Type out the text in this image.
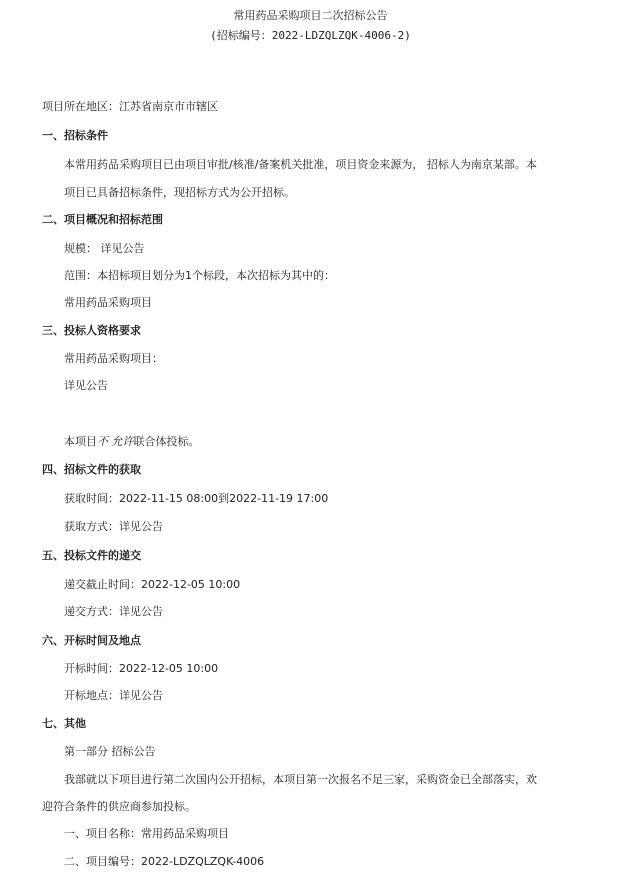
常用药品采购项目二次招标公告
(招标编号：2022-LDZQLZQK-4006-2)
项目所在地区：江苏省南京市市辖区
一、招标条件
本常用药品采购项目已由项目审批/核准/备案机关批准，项目资金来源为， 招标人为南京某部。本
项目已具备招标条件，现招标方式为公开招标。
二、项目概况和招标范围
规模： 详见公告
范围：本招标项目划分为1个标段，本次招标为其中的：
常用药品采购项目
三、投标人资格要求
常用药品采购项目：
详见公告
本项目不 允许联合体投标。
四、招标文件的获取
获取时间：2022-11-15 08:00到2022-11-19 17:00
获取方式：详见公告
五、投标文件的递交
递交截止时间：2022-12-05 10:00
递交方式：详见公告
六、开标时间及地点
开标时间：2022-12-05 10:00
开标地点：详见公告
七、其他
第一部分 招标公告
我部就以下项目进行第二次国内公开招标，本项目第一次报名不足三家，采购资金已全部落实，欢
迎符合条件的供应商参加投标。
一、项目名称：常用药品采购项目
二、项目编号：2022-LDZQLZQK-4006
